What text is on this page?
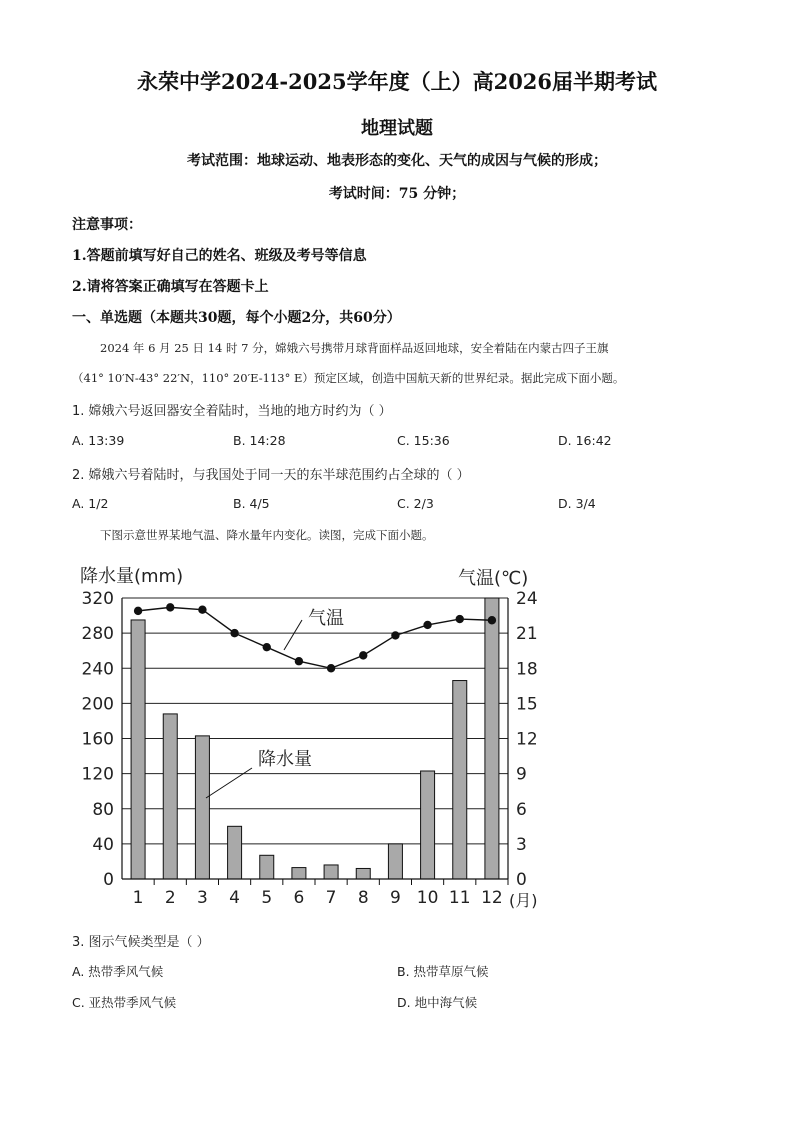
永荣中学2024-2025学年度（上）高2026届半期考试
地理试题
考试范围：地球运动、地表形态的变化、天气的成因与气候的形成；
考试时间：75 分钟；
注意事项：
1.答题前填写好自己的姓名、班级及考号等信息
2.请将答案正确填写在答题卡上
一、单选题（本题共30题，每个小题2分，共60分）
2024 年 6 月 25 日 14 时 7 分，嫦娥六号携带月球背面样品返回地球，安全着陆在内蒙古四子王旗
（41° 10′N-43° 22′N，110° 20′E-113° E）预定区域，创造中国航天新的世界纪录。据此完成下面小题。
1. 嫦娥六号返回器安全着陆时，当地的地方时约为（ ）
A. 13:39	B. 14:28	C. 15:36	D. 16:42
2. 嫦娥六号着陆时，与我国处于同一天的东半球范围约占全球的（ ）
A. 1/2	B. 4/5	C. 2/3	D. 3/4
下图示意世界某地气温、降水量年内变化。读图，完成下面小题。
0	0
40	3
80	6
120	9
160	12
200	15
240	18
280	21
320	24
1 2 3 4 5 6 7 8 9 10 11 12
降水量(mm)	气温(℃)
(月)
气温
降水量
3. 图示气候类型是（ ）
A. 热带季风气候	B. 热带草原气候
C. 亚热带季风气候	D. 地中海气候
